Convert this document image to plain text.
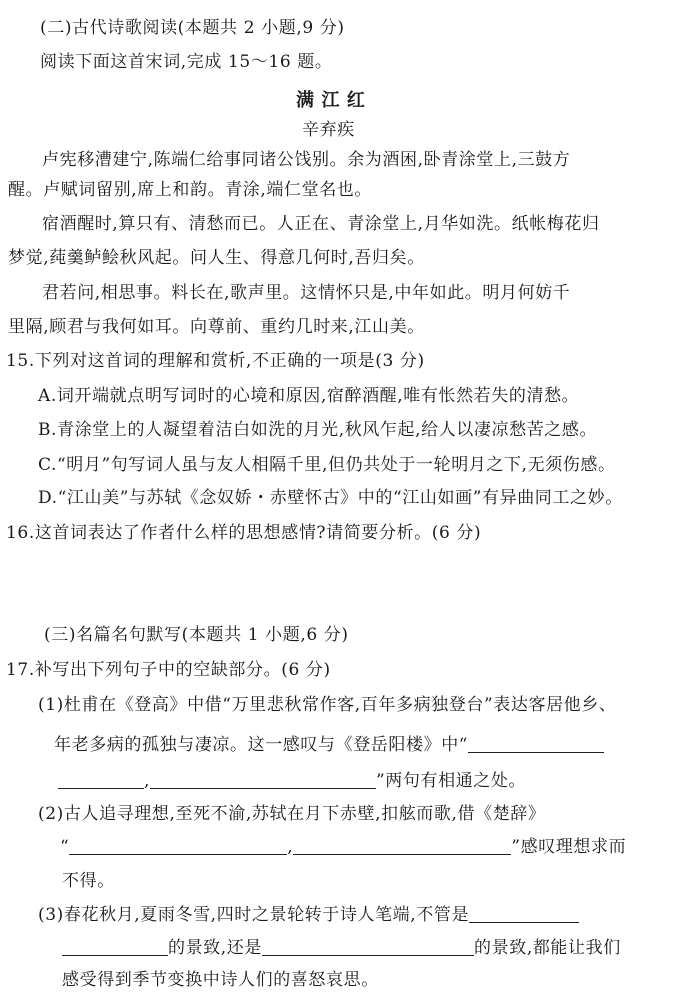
(二)古代诗歌阅读(本题共 2 小题,9 分)
阅读下面这首宋词,完成 15～16 题。
满 江 红
辛弃疾
卢宪移漕建宁,陈端仁给事同诸公饯别。余为酒困,卧青涂堂上,三鼓方
醒。卢赋词留别,席上和韵。青涂,端仁堂名也。
宿酒醒时,算只有、清愁而已。人正在、青涂堂上,月华如洗。纸帐梅花归
梦觉,莼羹鲈鲙秋风起。问人生、得意几何时,吾归矣。
君若问,相思事。料长在,歌声里。这情怀只是,中年如此。明月何妨千
里隔,顾君与我何如耳。向尊前、重约几时来,江山美。
15.下列对这首词的理解和赏析,不正确的一项是(3 分)
A.词开端就点明写词时的心境和原因,宿醉酒醒,唯有怅然若失的清愁。
B.青涂堂上的人凝望着洁白如洗的月光,秋风乍起,给人以凄凉愁苦之感。
C.“明月”句写词人虽与友人相隔千里,但仍共处于一轮明月之下,无须伤感。
D.“江山美”与苏轼《念奴娇・赤壁怀古》中的“江山如画”有异曲同工之妙。
16.这首词表达了作者什么样的思想感情?请简要分析。(6 分)
(三)名篇名句默写(本题共 1 小题,6 分)
17.补写出下列句子中的空缺部分。(6 分)
(1)杜甫在《登高》中借“万里悲秋常作客,百年多病独登台”表达客居他乡、
年老多病的孤独与凄凉。这一感叹与《登岳阳楼》中“
,	”两句有相通之处。
(2)古人追寻理想,至死不渝,苏轼在月下赤壁,扣舷而歌,借《楚辞》
“	,	”感叹理想求而
不得。
(3)春花秋月,夏雨冬雪,四时之景轮转于诗人笔端,不管是
的景致,还是	的景致,都能让我们
感受得到季节变换中诗人们的喜怒哀思。
